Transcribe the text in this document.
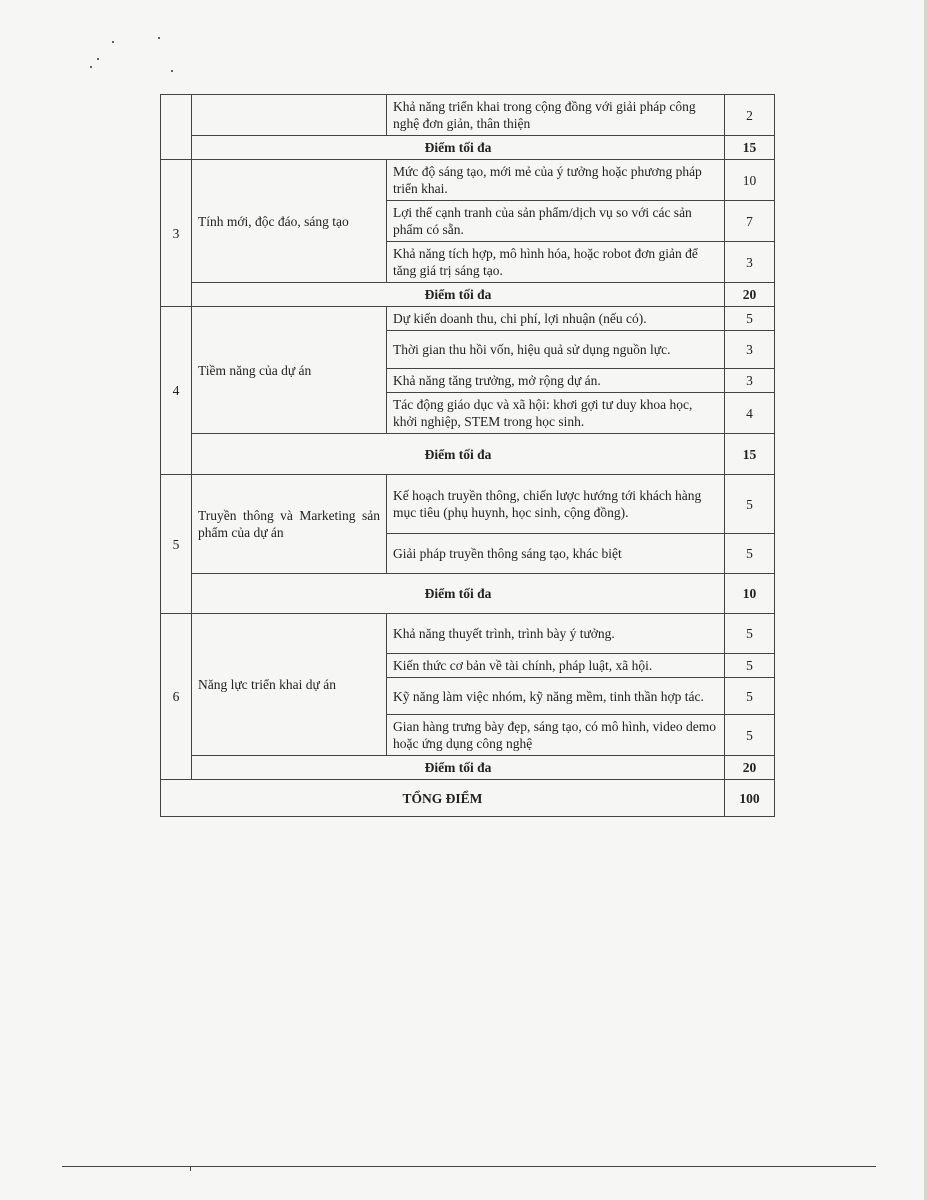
		Khả năng triển khai trong cộng đồng với giải pháp công nghệ đơn giản, thân thiện	2
	Điểm tối đa		15
3	Tính mới, độc đáo, sáng tạo	Mức độ sáng tạo, mới mẻ của ý tưởng hoặc phương pháp triển khai.	10
		Lợi thế cạnh tranh của sản phẩm/dịch vụ so với các sản phẩm có sẵn.	7
		Khả năng tích hợp, mô hình hóa, hoặc robot đơn giản để tăng giá trị sáng tạo.	3
	Điểm tối đa		20
4	Tiềm năng của dự án	Dự kiến doanh thu, chi phí, lợi nhuận (nếu có).	5
		Thời gian thu hồi vốn, hiệu quả sử dụng nguồn lực.	3
		Khả năng tăng trưởng, mở rộng dự án.	3
		Tác động giáo dục và xã hội: khơi gợi tư duy khoa học, khởi nghiệp, STEM trong học sinh.	4
	Điểm tối đa		15
5	Truyền thông và Marketing sản phẩm của dự án	Kế hoạch truyền thông, chiến lược hướng tới khách hàng mục tiêu (phụ huynh, học sinh, cộng đồng).	5
		Giải pháp truyền thông sáng tạo, khác biệt	5
	Điểm tối đa		10
6	Năng lực triển khai dự án	Khả năng thuyết trình, trình bày ý tưởng.	5
		Kiến thức cơ bản về tài chính, pháp luật, xã hội.	5
		Kỹ năng làm việc nhóm, kỹ năng mềm, tinh thần hợp tác.	5
		Gian hàng trưng bày đẹp, sáng tạo, có mô hình, video demo hoặc ứng dụng công nghệ	5
	Điểm tối đa		20
TỔNG ĐIỂM			100
